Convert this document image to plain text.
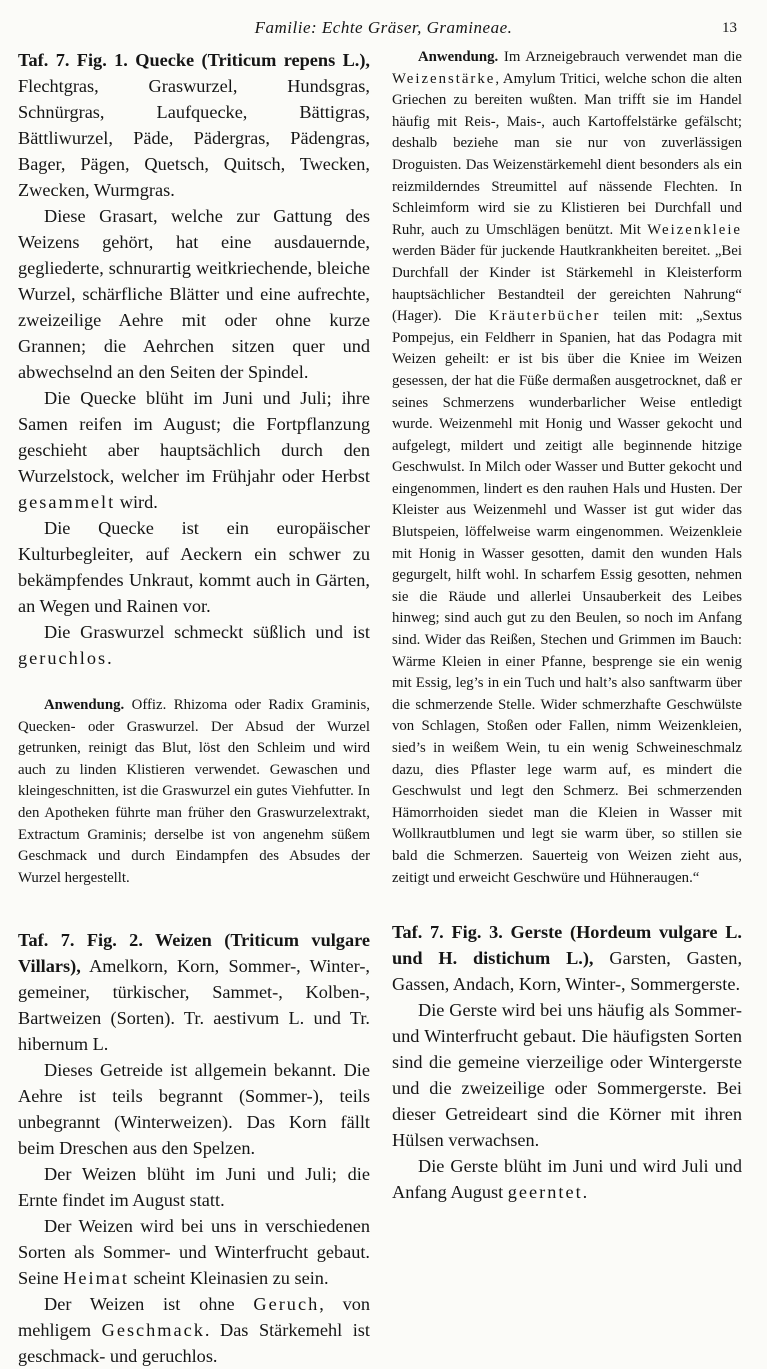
Familie: Echte Gräser, Gramineae.	13

Taf. 7. Fig. 1. Quecke (Triticum repens L.), Flechtgras, Graswurzel, Hundsgras, Schnürgras, Laufquecke, Bättigras, Bättliwurzel, Päde, Pädergras, Pädengras, Bager, Pägen, Quetsch, Quitsch, Twecken, Zwecken, Wurmgras.

Diese Grasart, welche zur Gattung des Weizens gehört, hat eine ausdauernde, gegliederte, schnurartig weitkriechende, bleiche Wurzel, schärfliche Blätter und eine aufrechte, zweizeilige Aehre mit oder ohne kurze Grannen; die Aehrchen sitzen quer und abwechselnd an den Seiten der Spindel.

Die Quecke blüht im Juni und Juli; ihre Samen reifen im August; die Fortpflanzung geschieht aber hauptsächlich durch den Wurzelstock, welcher im Frühjahr oder Herbst gesammelt wird.

Die Quecke ist ein europäischer Kulturbegleiter, auf Aeckern ein schwer zu bekämpfendes Unkraut, kommt auch in Gärten, an Wegen und Rainen vor.

Die Graswurzel schmeckt süßlich und ist geruchlos.

Anwendung. Offiz. Rhizoma oder Radix Graminis, Quecken- oder Graswurzel. Der Absud der Wurzel getrunken, reinigt das Blut, löst den Schleim und wird auch zu linden Klistieren verwendet. Gewaschen und kleingeschnitten, ist die Graswurzel ein gutes Viehfutter. In den Apotheken führte man früher den Graswurzelextrakt, Extractum Graminis; derselbe ist von angenehm süßem Geschmack und durch Eindampfen des Absudes der Wurzel hergestellt.

Taf. 7. Fig. 2. Weizen (Triticum vulgare Villars), Amelkorn, Korn, Sommer-, Winter-, gemeiner, türkischer, Sammet-, Kolben-, Bartweizen (Sorten). Tr. aestivum L. und Tr. hibernum L.

Dieses Getreide ist allgemein bekannt. Die Aehre ist teils begrannt (Sommer-), teils unbegrannt (Winterweizen). Das Korn fällt beim Dreschen aus den Spelzen.

Der Weizen blüht im Juni und Juli; die Ernte findet im August statt.

Der Weizen wird bei uns in verschiedenen Sorten als Sommer- und Winterfrucht gebaut. Seine Heimat scheint Kleinasien zu sein.

Der Weizen ist ohne Geruch, von mehligem Geschmack. Das Stärkemehl ist geschmack- und geruchlos.

Anwendung. Im Arzneigebrauch verwendet man die Weizenstärke, Amylum Tritici, welche schon die alten Griechen zu bereiten wußten. Man trifft sie im Handel häufig mit Reis-, Mais-, auch Kartoffelstärke gefälscht; deshalb beziehe man sie nur von zuverlässigen Droguisten. Das Weizenstärkemehl dient besonders als ein reizmilderndes Streumittel auf nässende Flechten. In Schleimform wird sie zu Klistieren bei Durchfall und Ruhr, auch zu Umschlägen benützt. Mit Weizenkleie werden Bäder für juckende Hautkrankheiten bereitet. „Bei Durchfall der Kinder ist Stärkemehl in Kleisterform hauptsächlicher Bestandteil der gereichten Nahrung“ (Hager). Die Kräuterbücher teilen mit: „Sextus Pompejus, ein Feldherr in Spanien, hat das Podagra mit Weizen geheilt: er ist bis über die Kniee im Weizen gesessen, der hat die Füße dermaßen ausgetrocknet, daß er seines Schmerzens wunderbarlicher Weise entledigt wurde. Weizenmehl mit Honig und Wasser gekocht und aufgelegt, mildert und zeitigt alle beginnende hitzige Geschwulst. In Milch oder Wasser und Butter gekocht und eingenommen, lindert es den rauhen Hals und Husten. Der Kleister aus Weizenmehl und Wasser ist gut wider das Blutspeien, löffelweise warm eingenommen. Weizenkleie mit Honig in Wasser gesotten, damit den wunden Hals gegurgelt, hilft wohl. In scharfem Essig gesotten, nehmen sie die Räude und allerlei Unsauberkeit des Leibes hinweg; sind auch gut zu den Beulen, so noch im Anfang sind. Wider das Reißen, Stechen und Grimmen im Bauch: Wärme Kleien in einer Pfanne, besprenge sie ein wenig mit Essig, leg’s in ein Tuch und halt’s also sanftwarm über die schmerzende Stelle. Wider schmerzhafte Geschwülste von Schlagen, Stoßen oder Fallen, nimm Weizenkleien, sied’s in weißem Wein, tu ein wenig Schweineschmalz dazu, dies Pflaster lege warm auf, es mindert die Geschwulst und legt den Schmerz. Bei schmerzenden Hämorrhoiden siedet man die Kleien in Wasser mit Wollkrautblumen und legt sie warm über, so stillen sie bald die Schmerzen. Sauerteig von Weizen zieht aus, zeitigt und erweicht Geschwüre und Hühneraugen.“

Taf. 7. Fig. 3. Gerste (Hordeum vulgare L. und H. distichum L.), Garsten, Gasten, Gassen, Andach, Korn, Winter-, Sommergerste.

Die Gerste wird bei uns häufig als Sommer- und Winterfrucht gebaut. Die häufigsten Sorten sind die gemeine vierzeilige oder Wintergerste und die zweizeilige oder Sommergerste. Bei dieser Getreideart sind die Körner mit ihren Hülsen verwachsen.

Die Gerste blüht im Juni und wird Juli und Anfang August geerntet.
